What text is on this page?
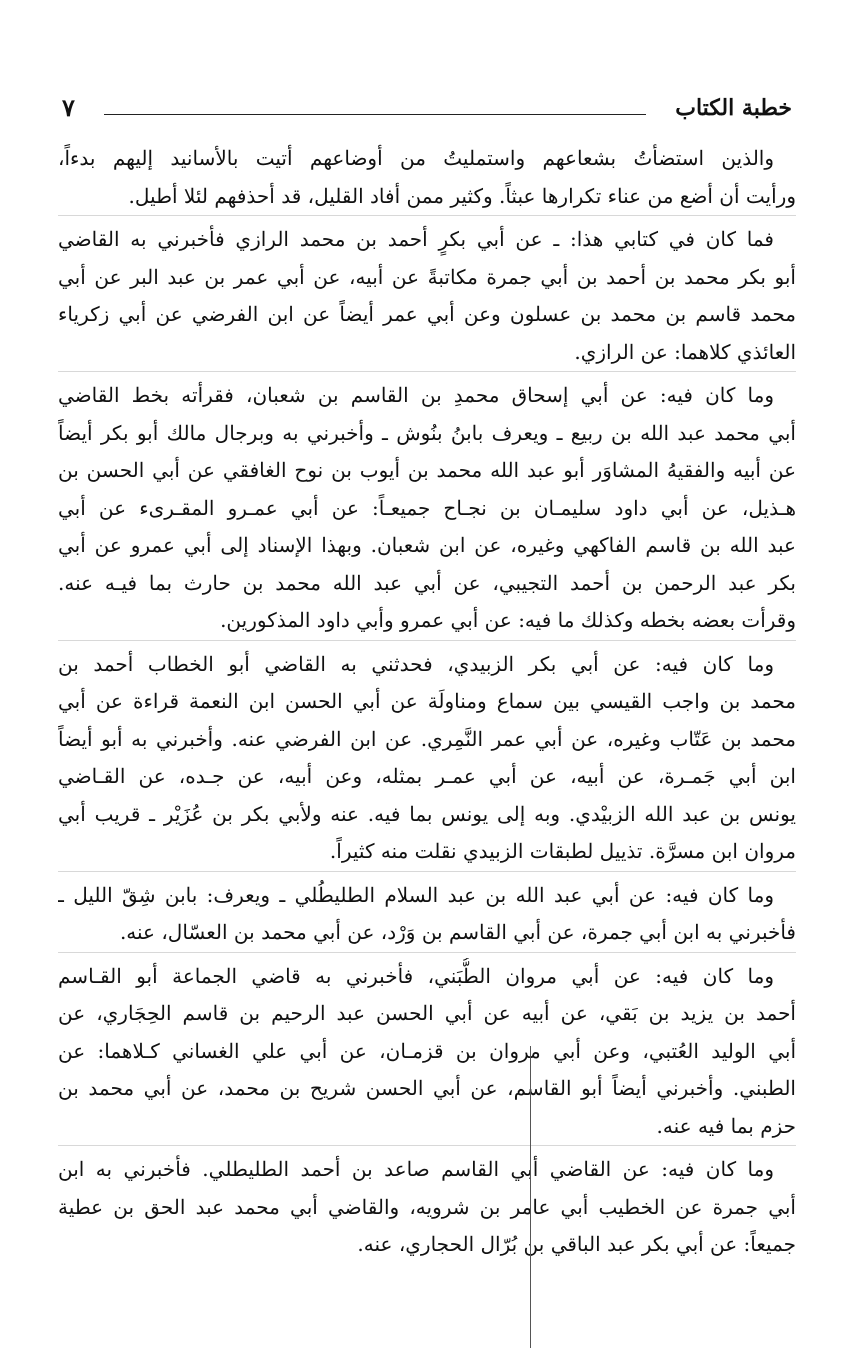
خطبة الكتاب
٧
والذين استضأتُ بشعاعهم واستمليتُ من أوضاعهم أتيت بالأسانيد إليهم بدءاً،
ورأيت أن أضع من عناء تكرارها عبثاً. وكثير ممن أفاد القليل، قد أحذفهم لئلا أطيل.
فما كان في كتابي هذا: ـ عن أبي بكرٍ أحمد بن محمد الرازي فأخبرني به القاضي
أبو بكر محمد بن أحمد بن أبي جمرة مكاتبةً عن أبيه، عن أبي عمر بن عبد البر عن أبي
محمد قاسم بن محمد بن عسلون وعن أبي عمر أيضاً عن ابن الفرضي عن أبي زكرياء
العائذي كلاهما: عن الرازي.
وما كان فيه: عن أبي إسحاق محمدِ بن القاسم بن شعبان، فقرأته بخط القاضي
أبي محمد عبد الله بن ربيع ـ ويعرف بابنُ بنُوش ـ وأخبرني به وبرجال مالك أبو بكر أيضاً
عن أبيه والفقيهُ المشاوَر أبو عبد الله محمد بن أيوب بن نوح الغافقي عن أبي الحسن بن
هـذيل، عن أبي داود سليمـان بن نجـاح جميعـاً: عن أبي عمـرو المقـرىء عن أبي
عبد الله بن قاسم الفاكهي وغيره، عن ابن شعبان. وبهذا الإسناد إلى أبي عمرو عن أبي
بكر عبد الرحمن بن أحمد التجيبي، عن أبي عبد الله محمد بن حارث بما فيـه عنه.
وقرأت بعضه بخطه وكذلك ما فيه: عن أبي عمرو وأبي داود المذكورين.
وما كان فيه: عن أبي بكر الزبيدي، فحدثني به القاضي أبو الخطاب أحمد بن
محمد بن واجب القيسي بين سماع ومناولَة عن أبي الحسن ابن النعمة قراءة عن أبي
محمد بن عَتّاب وغيره، عن أبي عمر النَّمِري. عن ابن الفرضي عنه. وأخبرني به أبو أيضاً
ابن أبي جَمـرة، عن أبيه، عن أبي عمـر بمثله، وعن أبيه، عن جـده، عن القـاضي
يونس بن عبد الله الزبيْدي. وبه إلى يونس بما فيه. عنه ولأبي بكر بن عُزَيْر ـ قريب أبي
مروان ابن مسرَّة. تذييل لطبقات الزبيدي نقلت منه كثيراً.
وما كان فيه: عن أبي عبد الله بن عبد السلام الطليطُلي ـ ويعرف: بابن شِقّ الليل ـ
فأخبرني به ابن أبي جمرة، عن أبي القاسم بن وَرْد، عن أبي محمد بن العسّال، عنه.
وما كان فيه: عن أبي مروان الطُّبَني، فأخبرني به قاضي الجماعة أبو القـاسم
أحمد بن يزيد بن بَقي، عن أبيه عن أبي الحسن عبد الرحيم بن قاسم الحِجَاري، عن
أبي الوليد العُتبي، وعن أبي مروان بن قزمـان، عن أبي علي الغساني كـلاهما: عن
الطبني. وأخبرني أيضاً أبو القاسم، عن أبي الحسن شريح بن محمد، عن أبي محمد بن
حزم بما فيه عنه.
وما كان فيه: عن القاضي أبي القاسم صاعد بن أحمد الطليطلي. فأخبرني به ابن
أبي جمرة عن الخطيب أبي عامر بن شرويه، والقاضي أبي محمد عبد الحق بن عطية
جميعاً: عن أبي بكر عبد الباقي بن بُرّال الحجاري، عنه.
